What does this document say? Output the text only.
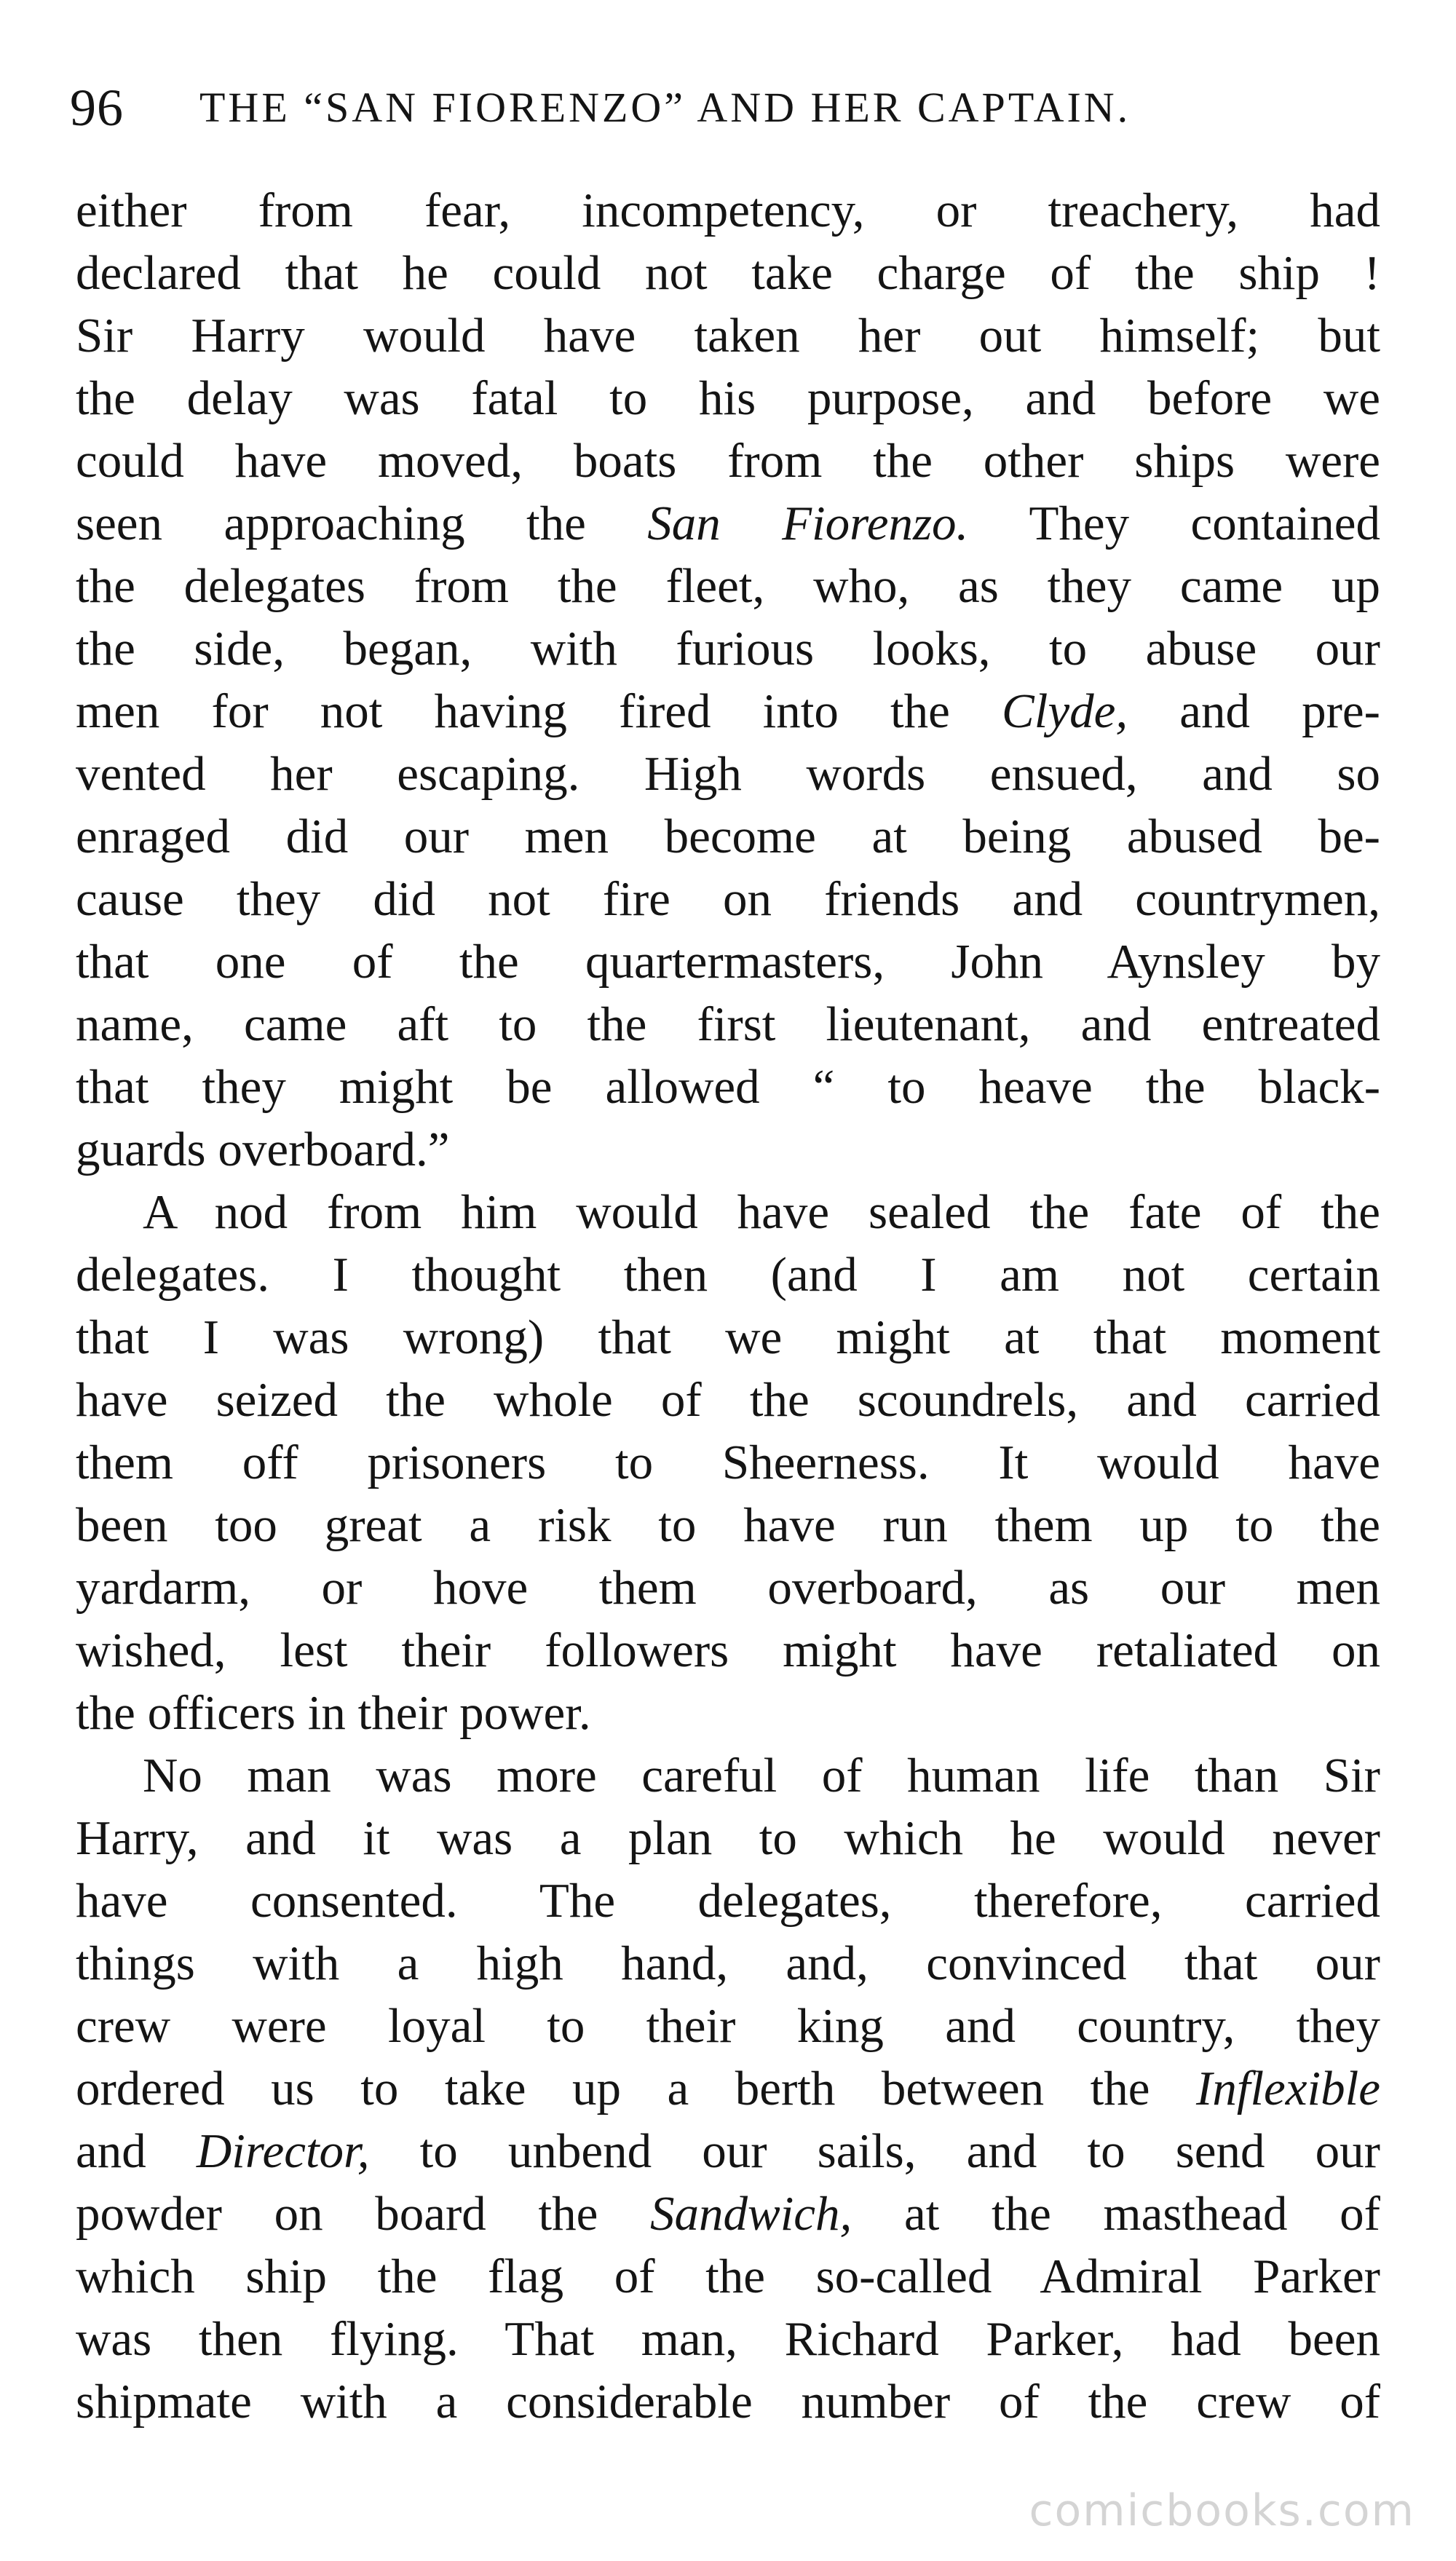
96 THE “SAN FIORENZO” AND HER CAPTAIN.
either from fear, incompetency, or treachery, had
declared that he could not take charge of the ship !
Sir Harry would have taken her out himself; but
the delay was fatal to his purpose, and before we
could have moved, boats from the other ships were
seen approaching the San Fiorenzo. They contained
the delegates from the fleet, who, as they came up
the side, began, with furious looks, to abuse our
men for not having fired into the Clyde, and pre-
vented her escaping. High words ensued, and so
enraged did our men become at being abused be-
cause they did not fire on friends and countrymen,
that one of the quartermasters, John Aynsley by
name, came aft to the first lieutenant, and entreated
that they might be allowed “ to heave the black-
guards overboard.”
A nod from him would have sealed the fate of the
delegates. I thought then (and I am not certain
that I was wrong) that we might at that moment
have seized the whole of the scoundrels, and carried
them off prisoners to Sheerness. It would have
been too great a risk to have run them up to the
yardarm, or hove them overboard, as our men
wished, lest their followers might have retaliated on
the officers in their power.
No man was more careful of human life than Sir
Harry, and it was a plan to which he would never
have consented. The delegates, therefore, carried
things with a high hand, and, convinced that our
crew were loyal to their king and country, they
ordered us to take up a berth between the Inflexible
and Director, to unbend our sails, and to send our
powder on board the Sandwich, at the masthead of
which ship the flag of the so-called Admiral Parker
was then flying. That man, Richard Parker, had been
shipmate with a considerable number of the crew of
comicbooks.com
